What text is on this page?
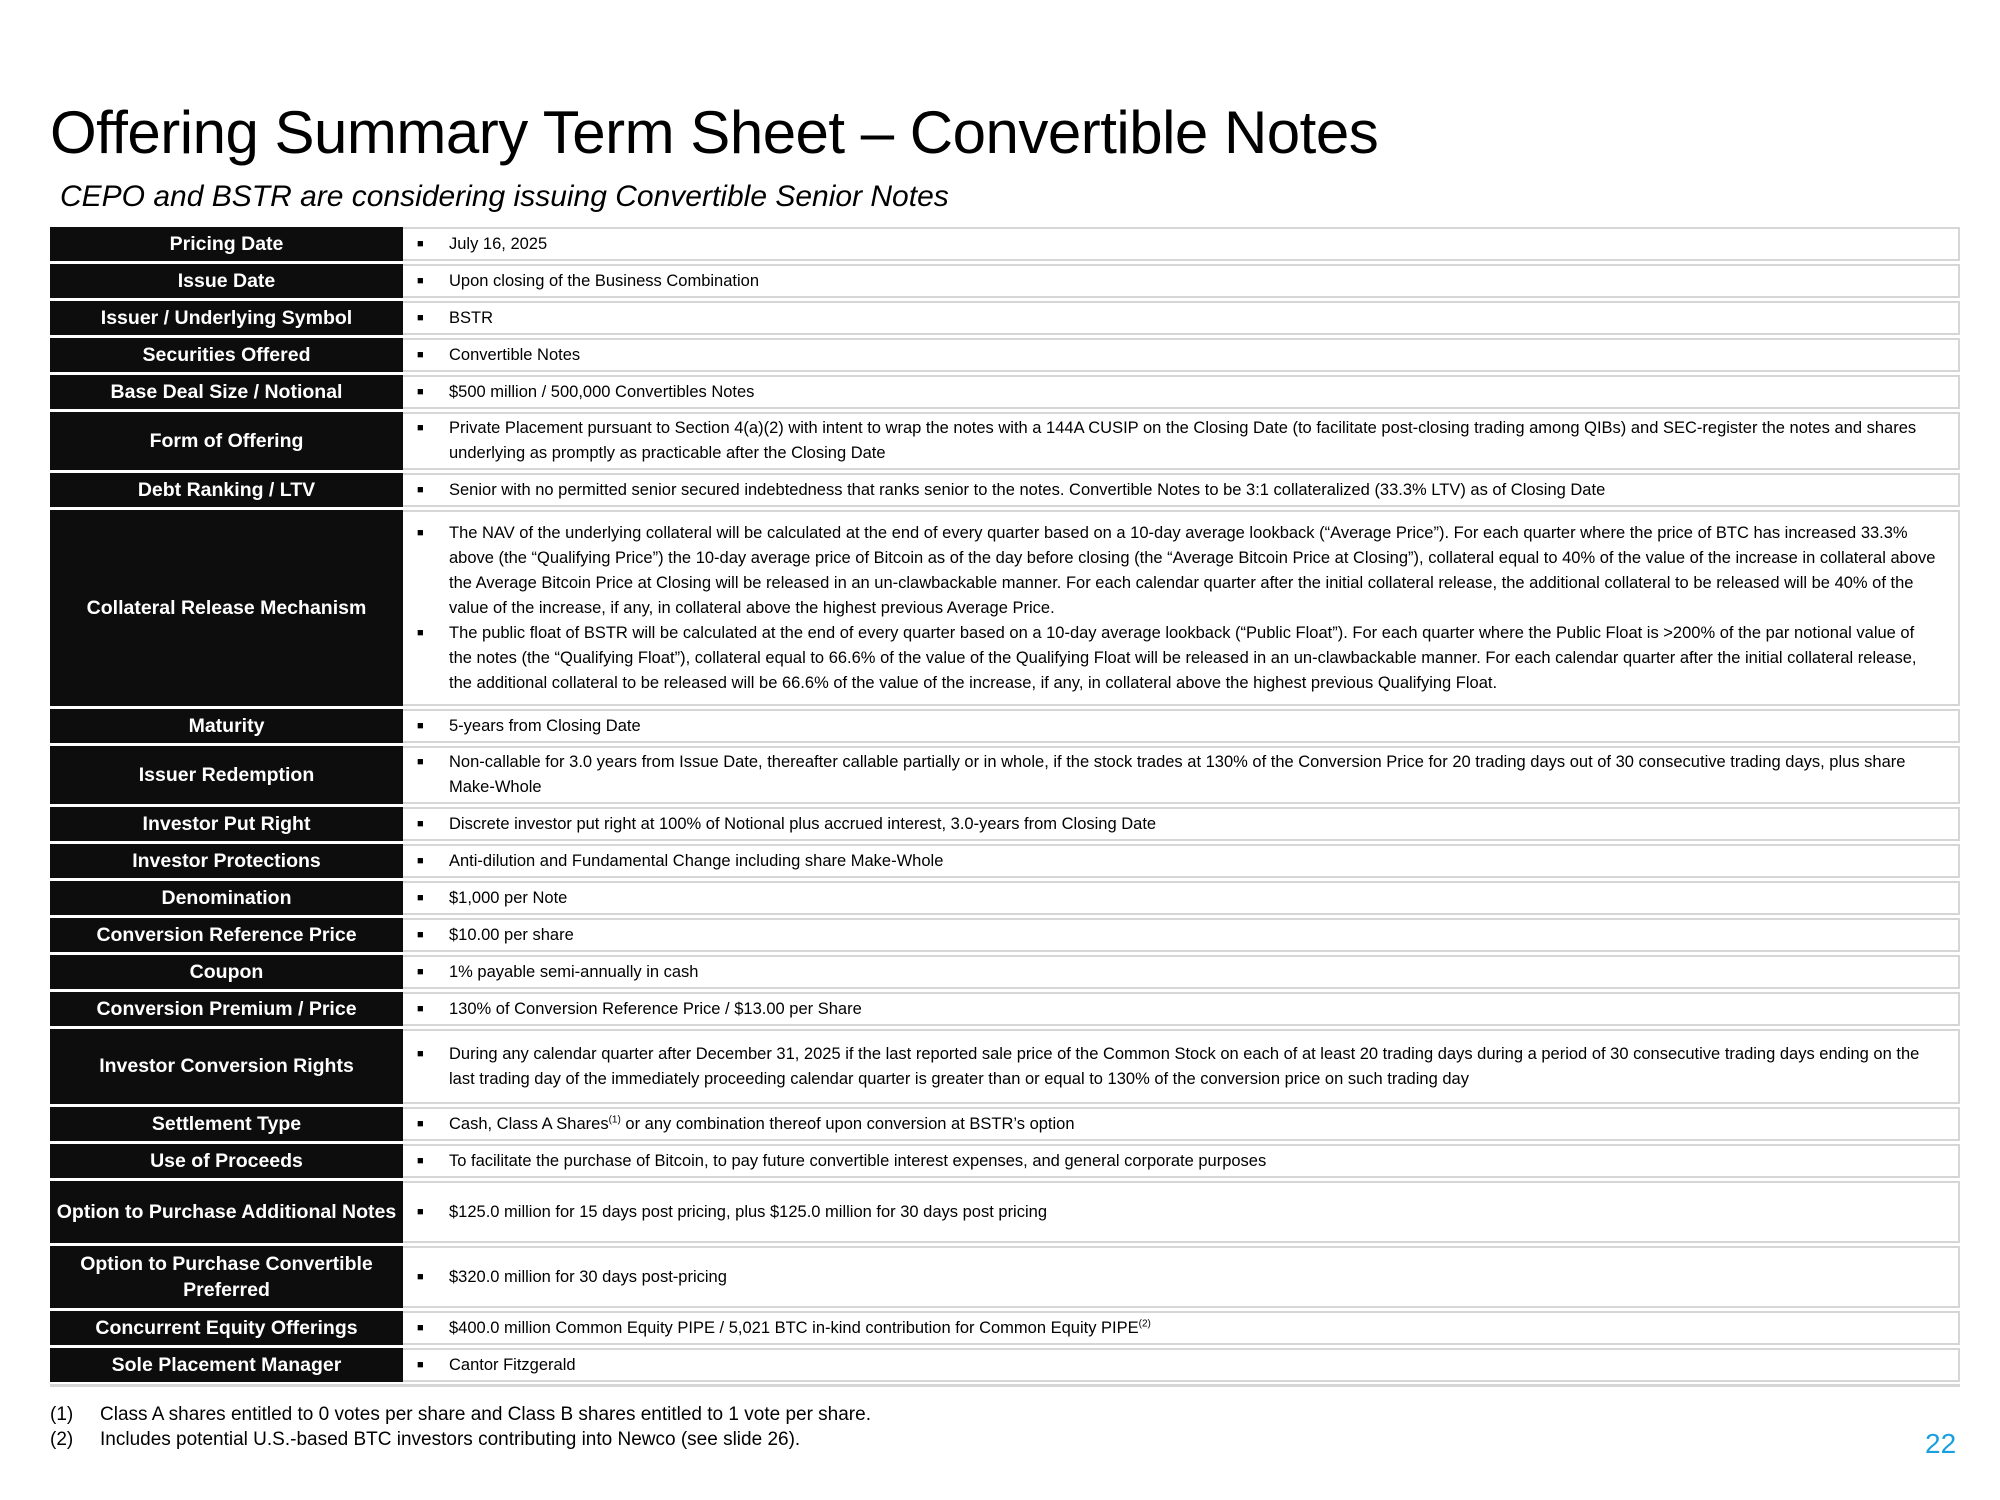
Offering Summary Term Sheet – Convertible Notes
CEPO and BSTR are considering issuing Convertible Senior Notes
Pricing Date	■ July 16, 2025

Issue Date	■ Upon closing of the Business Combination

Issuer / Underlying Symbol	■ BSTR

Securities Offered	■ Convertible Notes

Base Deal Size / Notional	■ $500 million / 500,000 Convertibles Notes

Form of Offering	■ Private Placement pursuant to Section 4(a)(2) with intent to wrap the notes with a 144A CUSIP on the Closing Date (to facilitate post-closing trading among QIBs) and SEC-register the notes and shares underlying as promptly as practicable after the Closing Date

Debt Ranking / LTV	■ Senior with no permitted senior secured indebtedness that ranks senior to the notes. Convertible Notes to be 3:1 collateralized (33.3% LTV) as of Closing Date

Collateral Release Mechanism	■ The NAV of the underlying collateral will be calculated at the end of every quarter based on a 10-day average lookback (“Average Price”). For each quarter where the price of BTC has increased 33.3% above (the “Qualifying Price”) the 10-day average price of Bitcoin as of the day before closing (the “Average Bitcoin Price at Closing”), collateral equal to 40% of the value of the increase in collateral above the Average Bitcoin Price at Closing will be released in an un-clawbackable manner. For each calendar quarter after the initial collateral release, the additional collateral to be released will be 40% of the value of the increase, if any, in collateral above the highest previous Average Price.
■ The public float of BSTR will be calculated at the end of every quarter based on a 10-day average lookback (“Public Float”). For each quarter where the Public Float is >200% of the par notional value of the notes (the “Qualifying Float”), collateral equal to 66.6% of the value of the Qualifying Float will be released in an un-clawbackable manner. For each calendar quarter after the initial collateral release, the additional collateral to be released will be 66.6% of the value of the increase, if any, in collateral above the highest previous Qualifying Float.

Maturity	■ 5-years from Closing Date

Issuer Redemption	■ Non-callable for 3.0 years from Issue Date, thereafter callable partially or in whole, if the stock trades at 130% of the Conversion Price for 20 trading days out of 30 consecutive trading days, plus share Make-Whole

Investor Put Right	■ Discrete investor put right at 100% of Notional plus accrued interest, 3.0-years from Closing Date

Investor Protections	■ Anti-dilution and Fundamental Change including share Make-Whole

Denomination	■ $1,000 per Note

Conversion Reference Price	■ $10.00 per share

Coupon	■ 1% payable semi-annually in cash

Conversion Premium / Price	■ 130% of Conversion Reference Price / $13.00 per Share

Investor Conversion Rights	■ During any calendar quarter after December 31, 2025 if the last reported sale price of the Common Stock on each of at least 20 trading days during a period of 30 consecutive trading days ending on the last trading day of the immediately proceeding calendar quarter is greater than or equal to 130% of the conversion price on such trading day

Settlement Type	■ Cash, Class A Shares$^{(1)}$ or any combination thereof upon conversion at BSTR’s option

Use of Proceeds	■ To facilitate the purchase of Bitcoin, to pay future convertible interest expenses, and general corporate purposes

Option to Purchase Additional Notes	■ $125.0 million for 15 days post pricing, plus $125.0 million for 30 days post pricing

Option to Purchase Convertible Preferred	■ $320.0 million for 30 days post-pricing

Concurrent Equity Offerings	■ $400.0 million Common Equity PIPE / 5,021 BTC in-kind contribution for Common Equity PIPE$^{(2)}$

Sole Placement Manager	■ Cantor Fitzgerald
(1)	Class A shares entitled to 0 votes per share and Class B shares entitled to 1 vote per share.
(2)	Includes potential U.S.-based BTC investors contributing into Newco (see slide 26).	22
